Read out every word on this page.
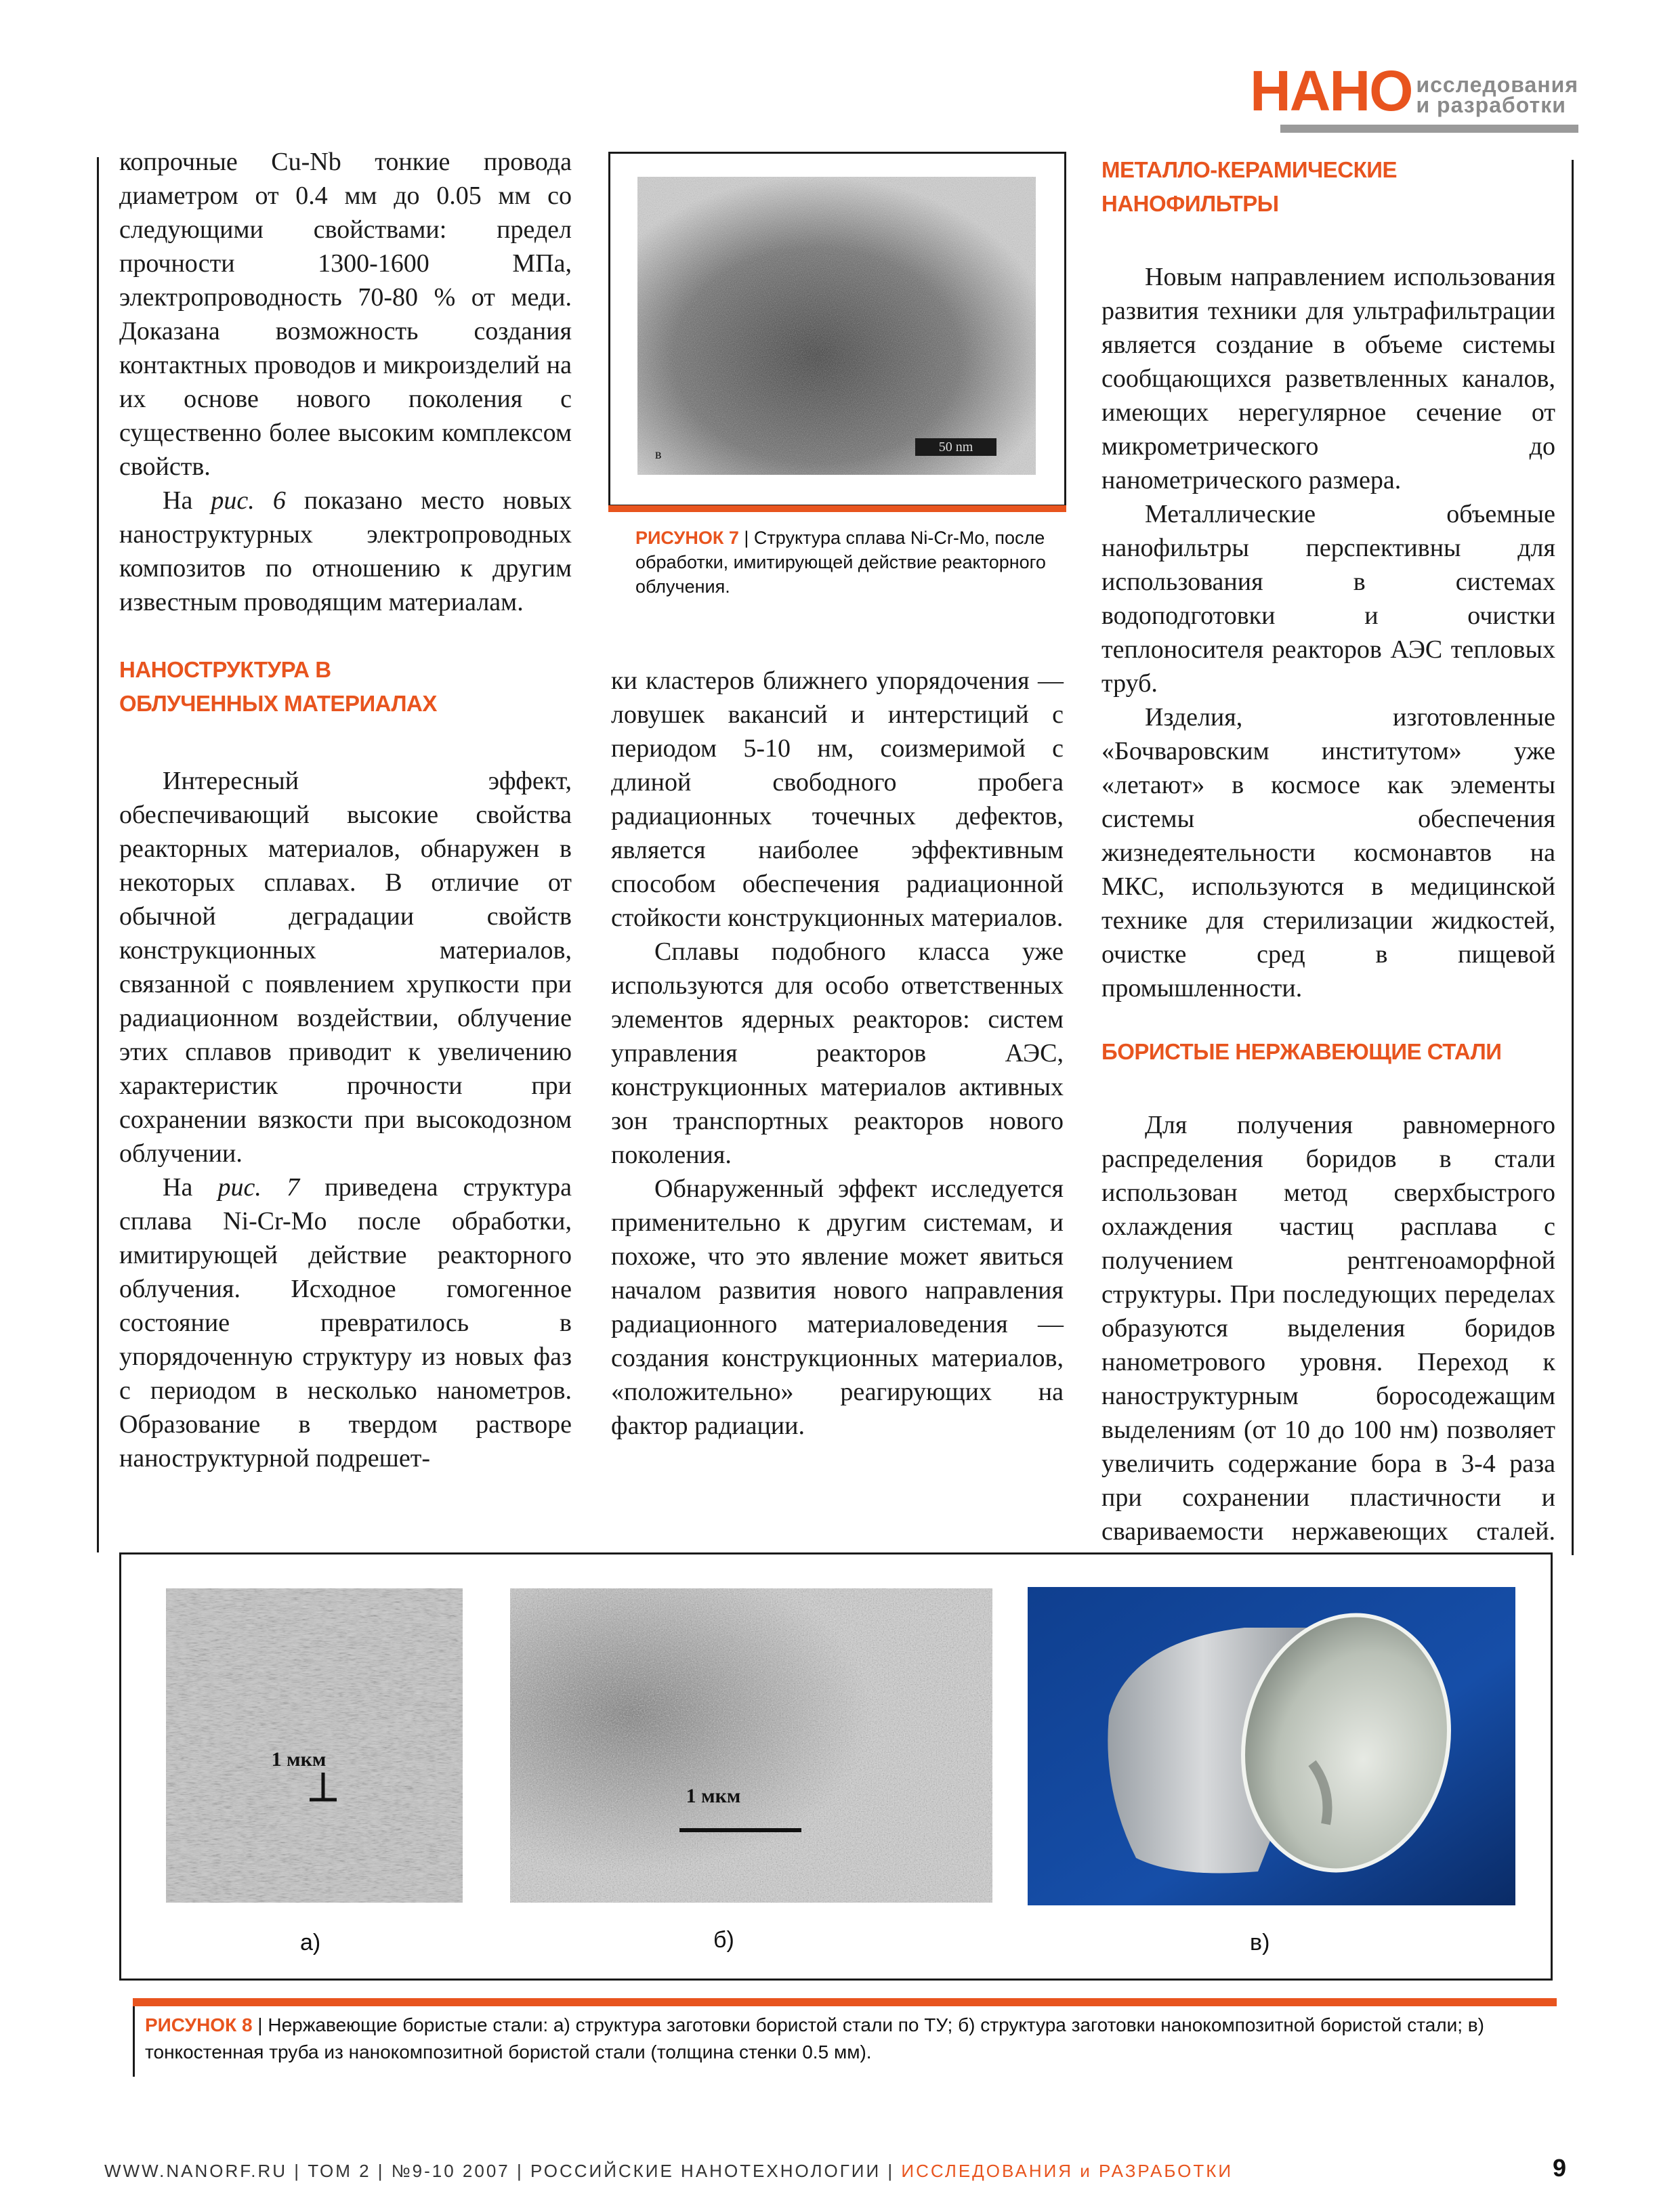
НАНО исследования
и разработки

копрочные Cu-Nb тонкие провода диаметром от 0.4 мм до 0.05 мм со следующими свойствами: предел прочности 1300-1600 МПа, электропроводность 70-80 % от меди. Доказана возможность создания контактных проводов и микроизделий на их основе нового поколения с существенно более высоким комплексом свойств.

На рис. 6 показано место новых наноструктурных электропроводных композитов по отношению к другим известным проводящим материалам.

НАНОСТРУКТУРА В ОБЛУЧЕННЫХ МАТЕРИАЛАХ

Интересный эффект, обеспечивающий высокие свойства реакторных материалов, обнаружен в некоторых сплавах. В отличие от обычной деградации свойств конструкционных материалов, связанной с появлением хрупкости при радиационном воздействии, облучение этих сплавов приводит к увеличению характеристик прочности при сохранении вязкости при высокодозном облучении.

На рис. 7 приведена структура сплава Ni-Cr-Mo после обработки, имитирующей действие реакторного облучения. Исходное гомогенное состояние превратилось в упорядоченную структуру из новых фаз с периодом в несколько нанометров. Образование в твердом растворе наноструктурной подрешет-

50 nm
в
РИСУНОК 7 | Структура сплава Ni-Cr-Mo, после обработки, имитирующей действие реакторного облучения.

ки кластеров ближнего упорядочения — ловушек вакансий и интерстиций с периодом 5-10 нм, соизмеримой с длиной свободного пробега радиационных точечных дефектов, является наиболее эффективным способом обеспечения радиационной стойкости конструкционных материалов.

Сплавы подобного класса уже используются для особо ответственных элементов ядерных реакторов: систем управления реакторов АЭС, конструкционных материалов активных зон транспортных реакторов нового поколения.

Обнаруженный эффект исследуется применительно к другим системам, и похоже, что это явление может явиться началом развития нового направления радиационного материаловедения — создания конструкционных материалов, «положительно» реагирующих на фактор радиации.

МЕТАЛЛО-КЕРАМИЧЕСКИЕ НАНОФИЛЬТРЫ

Новым направлением использования развития техники для ультрафильтрации является создание в объеме системы сообщающихся разветвленных каналов, имеющих нерегулярное сечение от микрометрического до нанометрического размера.

Металлические объемные нанофильтры перспективны для использования в системах водоподготовки и очистки теплоносителя реакторов АЭС тепловых труб.

Изделия, изготовленные «Бочваровским институтом» уже «летают» в космосе как элементы системы обеспечения жизнедеятельности космонавтов на МКС, используются в медицинской технике для стерилизации жидкостей, очистке сред в пищевой промышленности.

БОРИСТЫЕ НЕРЖАВЕЮЩИЕ СТАЛИ

Для получения равномерного распределения боридов в стали использован метод сверхбыстрого охлаждения частиц расплава с получением рентгеноаморфной структуры. При последующих переделах образуются выделения боридов нанометрового уровня. Переход к наноструктурным боросодежащим выделениям (от 10 до 100 нм) позволяет увеличить содержание бора в 3-4 раза при сохранении пластичности и свариваемости нержавеющих сталей.

1 мкм
1 мкм
а)	б)	в)
РИСУНОК 8 | Нержавеющие бористые стали: а) структура заготовки бористой стали по ТУ; б) структура заготовки нанокомпозитной бористой стали; в) тонкостенная труба из нанокомпозитной бористой стали (толщина стенки 0.5 мм).
WWW.NANORF.RU | ТОМ 2 | №9-10 2007 | РОССИЙСКИЕ НАНОТЕХНОЛОГИИ | ИССЛЕДОВАНИЯ и РАЗРАБОТКИ	9
